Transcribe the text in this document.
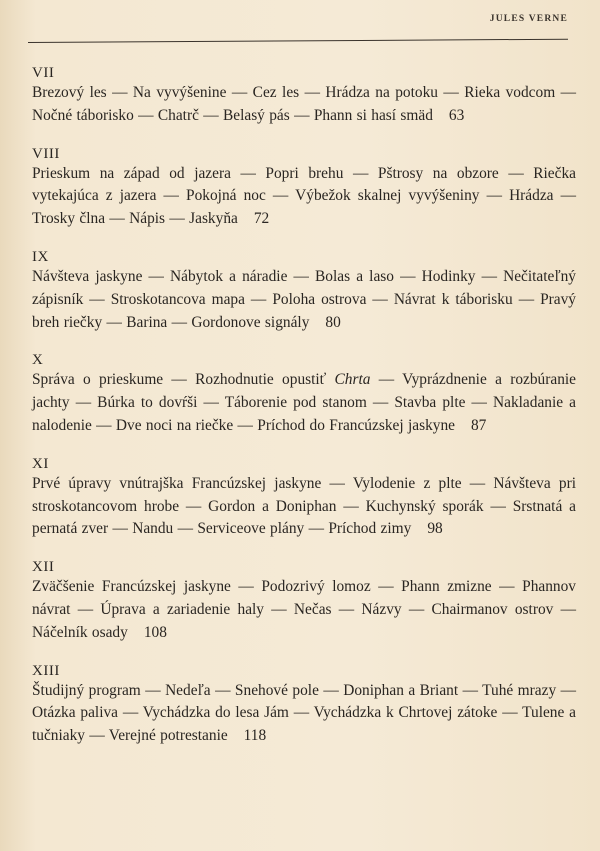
JULES VERNE
VII
Brezový les — Na vyvýšenine — Cez les — Hrádza na potoku — Rieka vodcom — Nočné táborisko — Chatrč — Belasý pás — Phann si hasí smäd 63
VIII
Prieskum na západ od jazera — Popri brehu — Pštrosy na obzore — Riečka vytekajúca z jazera — Pokojná noc — Výbežok skalnej vyvýšeniny — Hrádza — Trosky člna — Nápis — Jaskyňa 72
IX
Návšteva jaskyne — Nábytok a náradie — Bolas a laso — Hodinky — Nečitateľný zápisník — Stroskotancova mapa — Poloha ostrova — Návrat k táborisku — Pravý breh riečky — Barina — Gordonove signály 80
X
Správa o prieskume — Rozhodnutie opustiť Chrta — Vyprázdnenie a rozbúranie jachty — Búrka to dovŕši — Táborenie pod stanom — Stavba plte — Nakladanie a nalodenie — Dve noci na riečke — Príchod do Francúzskej jaskyne 87
XI
Prvé úpravy vnútrajška Francúzskej jaskyne — Vylodenie z plte — Návšteva pri stroskotancovom hrobe — Gordon a Doniphan — Kuchynský sporák — Srstnatá a pernatá zver — Nandu — Serviceove plány — Príchod zimy 98
XII
Zväčšenie Francúzskej jaskyne — Podozrivý lomoz — Phann zmizne — Phannov návrat — Úprava a zariadenie haly — Nečas — Názvy — Chairmanov ostrov — Náčelník osady 108
XIII
Študijný program — Nedeľa — Snehové pole — Doniphan a Briant — Tuhé mrazy — Otázka paliva — Vychádzka do lesa Jám — Vychádzka k Chrtovej zátoke — Tulene a tučniaky — Verejné potrestanie 118
